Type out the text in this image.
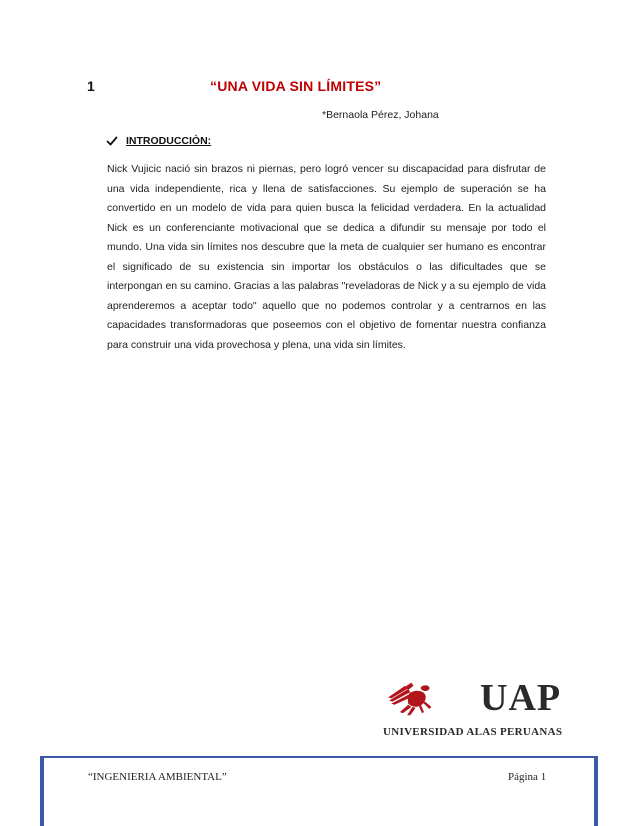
1	“UNA VIDA SIN LÍMITES”
*Bernaola Pérez, Johana
INTRODUCCIÒN:

Nick Vujicic nació sin brazos ni piernas, pero logró vencer su discapacidad para disfrutar de una vida independiente, rica y llena de satisfacciones. Su ejemplo de superación se ha convertido en un modelo de vida para quien busca la felicidad verdadera. En la actualidad Nick es un conferenciante motivacional que se dedica a difundir su mensaje por todo el mundo. Una vida sin límites nos descubre que la meta de cualquier ser humano es encontrar el significado de su existencia sin importar los obstáculos o las dificultades que se interpongan en su camino. Gracias a las palabras "reveladoras de Nick y a su ejemplo de vida aprenderemos a aceptar todo" aquello que no podemos controlar y a centrarnos en las capacidades transformadoras que poseemos con el objetivo de fomentar nuestra confianza para construir una vida provechosa y plena, una vida sin límites.

UAP
UNIVERSIDAD ALAS PERUANAS
“INGENIERIA AMBIENTAL”	Página 1
